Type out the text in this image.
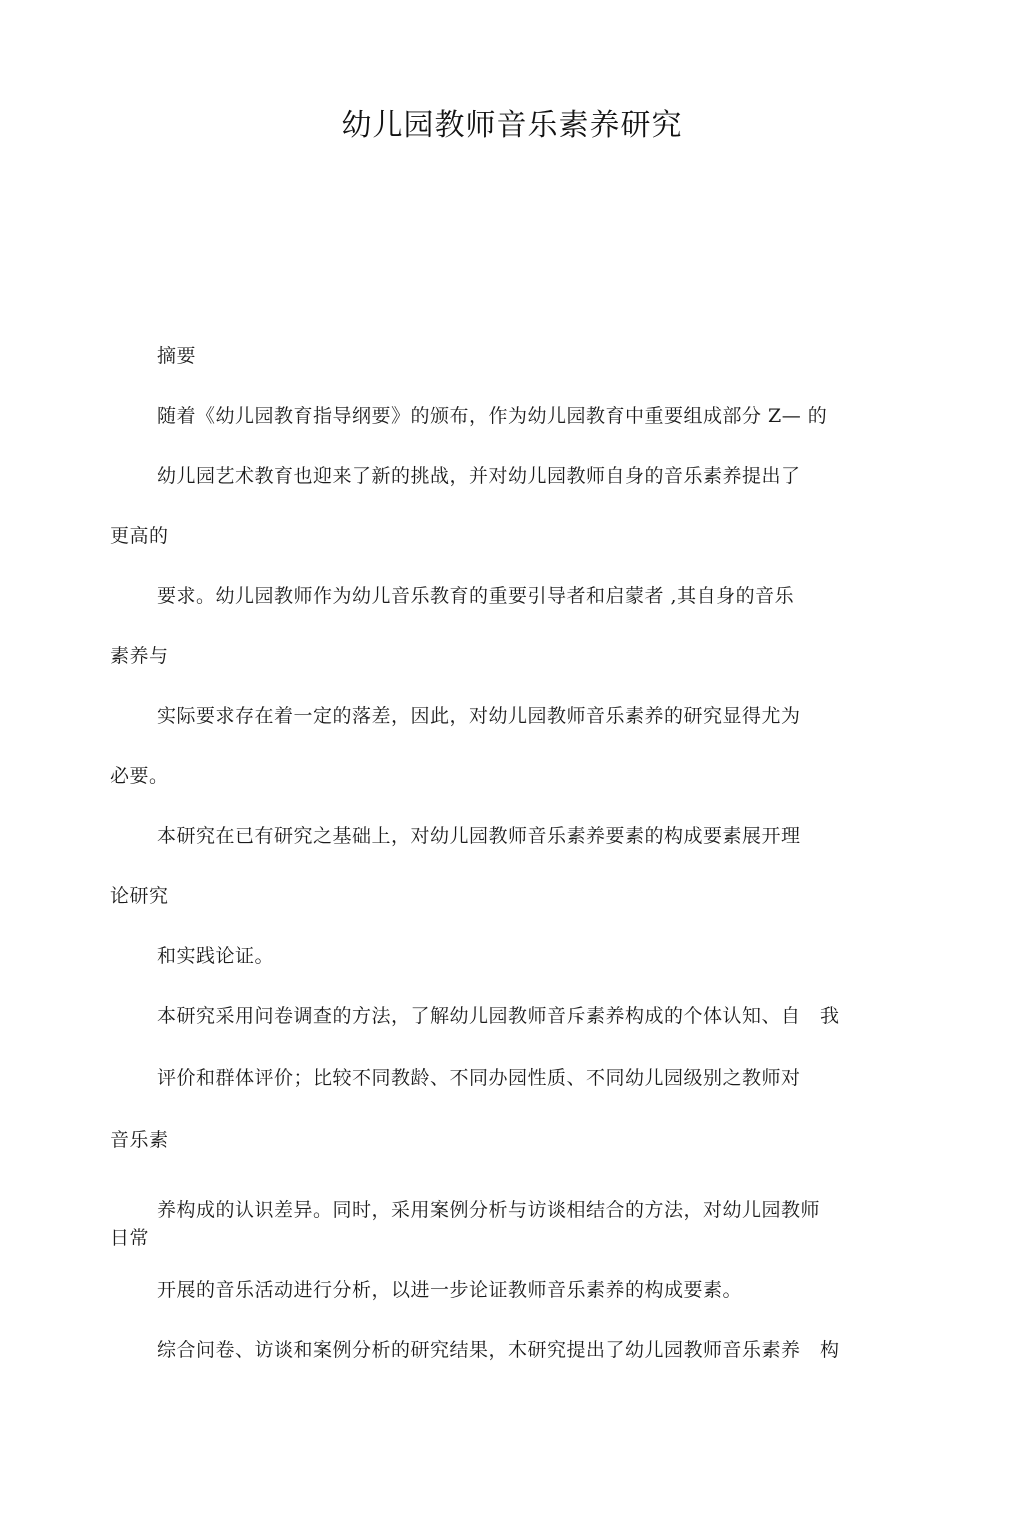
幼儿园教师音乐素养研究
摘要
随着《幼儿园教育指导纲要》的颁布，作为幼儿园教育中重要组成部分 Z— 的
幼儿园艺术教育也迎来了新的挑战，并对幼儿园教师自身的音乐素养提出了
更高的
要求。幼儿园教师作为幼儿音乐教育的重要引导者和启蒙者 ,其自身的音乐
素养与
实际要求存在着一定的落差，因此，对幼儿园教师音乐素养的研究显得尤为
必要。
本研究在已有研究之基础上，对幼儿园教师音乐素养要素的构成要素展开理
论研究
和实践论证。
本研究采用问卷调查的方法，了解幼儿园教师音斥素养构成的个体认知、自　我
评价和群体评价；比较不同教龄、不同办园性质、不同幼儿园级别之教师对
音乐素
养构成的认识差异。同时，采用案例分析与访谈相结合的方法，对幼儿园教师
日常
开展的音乐活动进行分析，以进一步论证教师音乐素养的构成要素。
综合问卷、访谈和案例分析的研究结果，木研究提出了幼儿园教师音乐素养　构
